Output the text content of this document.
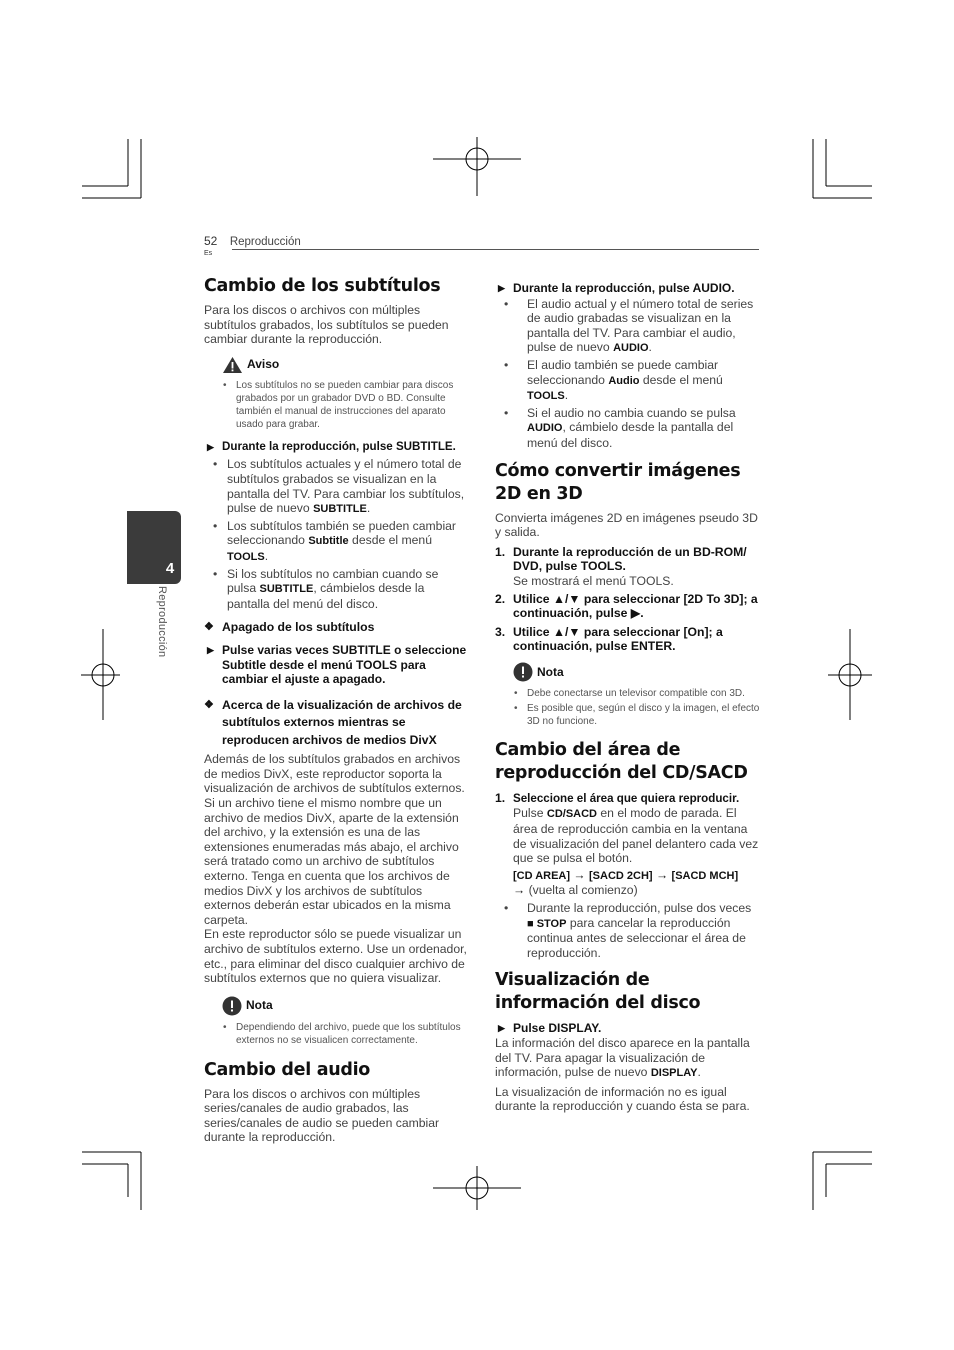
52 Reproducción
Es
4
Reproducción
Cambio de los subtítulos

Para los discos o archivos con múltiples subtítulos grabados, los subtítulos se pueden cambiar durante la reproducción.

Aviso
• Los subtítulos no se pueden cambiar para discos grabados por un grabador DVD o BD. Consulte también el manual de instrucciones del aparato usado para grabar.
▶ Durante la reproducción, pulse SUBTITLE.
• Los subtítulos actuales y el número total de subtítulos grabados se visualizan en la pantalla del TV. Para cambiar los subtítulos, pulse de nuevo SUBTITLE.
• Los subtítulos también se pueden cambiar seleccionando Subtitle desde el menú TOOLS.
• Si los subtítulos no cambian cuando se pulsa SUBTITLE, cámbielos desde la pantalla del menú del disco.
❖ Apagado de los subtítulos
▶ Pulse varias veces SUBTITLE o seleccione Subtitle desde el menú TOOLS para cambiar el ajuste a apagado.
❖ Acerca de la visualización de archivos de subtítulos externos mientras se reproducen archivos de medios DivX

Además de los subtítulos grabados en archivos de medios DivX, este reproductor soporta la visualización de archivos de subtítulos externos. Si un archivo tiene el mismo nombre que un archivo de medios DivX, aparte de la extensión del archivo, y la extensión es una de las extensiones enumeradas más abajo, el archivo será tratado como un archivo de subtítulos externo. Tenga en cuenta que los archivos de medios DivX y los archivos de subtítulos externos deberán estar ubicados en la misma carpeta.

En este reproductor sólo se puede visualizar un archivo de subtítulos externo. Use un ordenador, etc., para eliminar del disco cualquier archivo de subtítulos externos que no quiera visualizar.

Nota
• Dependiendo del archivo, puede que los subtítulos externos no se visualicen correctamente.
Cambio del audio

Para los discos o archivos con múltiples series/canales de audio grabados, las series/canales de audio se pueden cambiar durante la reproducción.

▶ Durante la reproducción, pulse AUDIO.
• El audio actual y el número total de series de audio grabadas se visualizan en la pantalla del TV. Para cambiar el audio, pulse de nuevo AUDIO.
• El audio también se puede cambiar seleccionando Audio desde el menú TOOLS.
• Si el audio no cambia cuando se pulsa AUDIO, cámbielo desde la pantalla del menú del disco.
Cómo convertir imágenes 2D en 3D

Convierta imágenes 2D en imágenes pseudo 3D y salida.

1. Durante la reproducción de un BD-ROM/ DVD, pulse TOOLS.
Se mostrará el menú TOOLS.
2. Utilice ▲/▼ para seleccionar [2D To 3D]; a continuación, pulse ▶.
3. Utilice ▲/▼ para seleccionar [On]; a continuación, pulse ENTER.
Nota
• Debe conectarse un televisor compatible con 3D.
• Es posible que, según el disco y la imagen, el efecto 3D no funcione.
Cambio del área de reproducción del CD/SACD
1. Seleccione el área que quiera reproducir.
Pulse CD/SACD en el modo de parada. El área de reproducción cambia en la ventana de visualización del panel delantero cada vez que se pulsa el botón.
[CD AREA] → [SACD 2CH] → [SACD MCH]
→ (vuelta al comienzo)
• Durante la reproducción, pulse dos veces ■ STOP para cancelar la reproducción continua antes de seleccionar el área de reproducción.
Visualización de información del disco
▶ Pulse DISPLAY.

La información del disco aparece en la pantalla del TV. Para apagar la visualización de información, pulse de nuevo DISPLAY.

La visualización de información no es igual durante la reproducción y cuando ésta se para.
